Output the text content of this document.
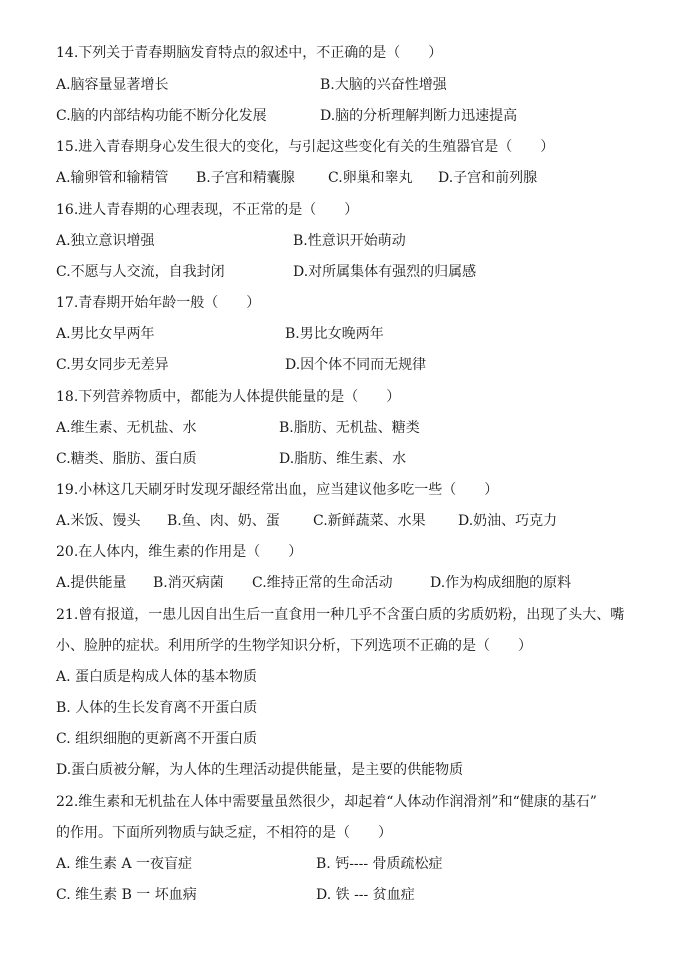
14.下列关于青春期脑发育特点的叙述中，不正确的是（　　）
A.脑容量显著增长	B.大脑的兴奋性增强
C.脑的内部结构功能不断分化发展	D.脑的分析理解判断力迅速提高
15.进入青春期身心发生很大的变化，与引起这些变化有关的生殖器官是（　　）
A.输卵管和输精管 B.子宫和精囊腺 C.卵巢和睾丸 D.子宫和前列腺
16.进人青春期的心理表现，不正常的是（　　）
A.独立意识增强	B.性意识开始萌动
C.不愿与人交流，自我封闭	D.对所属集体有强烈的归属感
17.青春期开始年龄一般（　　）
A.男比女早两年	B.男比女晚两年
C.男女同步无差异	D.因个体不同而无规律
18.下列营养物质中，都能为人体提供能量的是（　　）
A.维生素、无机盐、水	B.脂肪、无机盐、糖类
C.糖类、脂肪、蛋白质	D.脂肪、维生素、水
19.小林这几天刷牙时发现牙龈经常出血，应当建议他多吃一些（　　）
A.米饭、馒头 B.鱼、肉、奶、蛋 C.新鲜蔬菜、水果 D.奶油、巧克力
20.在人体内，维生素的作用是（　　）
A.提供能量 B.消灭病菌 C.维持正常的生命活动	D.作为构成细胞的原料
21.曾有报道，一患儿因自出生后一直食用一种几乎不含蛋白质的劣质奶粉，出现了头大、嘴
小、脸肿的症状。利用所学的生物学知识分析，下列选项不正确的是（　　）
A. 蛋白质是构成人体的基本物质
B. 人体的生长发育离不开蛋白质
C. 组织细胞的更新离不开蛋白质
D.蛋白质被分解，为人体的生理活动提供能量，是主要的供能物质
22.维生素和无机盐在人体中需要量虽然很少，却起着“人体动作润滑剂”和“健康的基石”
的作用。下面所列物质与缺乏症，不相符的是（　　）
A. 维生素 A 一夜盲症	B. 钙---- 骨质疏松症
C. 维生素 B 一 坏血病	D. 铁 --- 贫血症
